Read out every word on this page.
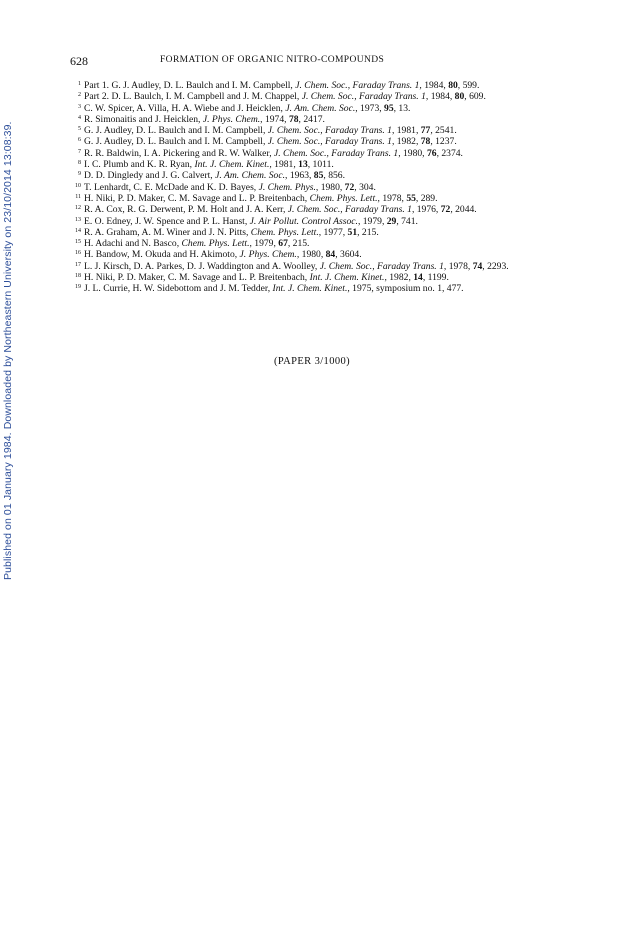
Published on 01 January 1984. Downloaded by Northeastern University on 23/10/2014 13:08:39.
628	FORMATION OF ORGANIC NITRO-COMPOUNDS
1 Part 1. G. J. Audley, D. L. Baulch and I. M. Campbell, J. Chem. Soc., Faraday Trans. 1, 1984, 80, 599.
2 Part 2. D. L. Baulch, I. M. Campbell and J. M. Chappel, J. Chem. Soc., Faraday Trans. 1, 1984, 80, 609.
3 C. W. Spicer, A. Villa, H. A. Wiebe and J. Heicklen, J. Am. Chem. Soc., 1973, 95, 13.
4 R. Simonaitis and J. Heicklen, J. Phys. Chem., 1974, 78, 2417.
5 G. J. Audley, D. L. Baulch and I. M. Campbell, J. Chem. Soc., Faraday Trans. 1, 1981, 77, 2541.
6 G. J. Audley, D. L. Baulch and I. M. Campbell, J. Chem. Soc., Faraday Trans. 1, 1982, 78, 1237.
7 R. R. Baldwin, I. A. Pickering and R. W. Walker, J. Chem. Soc., Faraday Trans. 1, 1980, 76, 2374.
8 I. C. Plumb and K. R. Ryan, Int. J. Chem. Kinet., 1981, 13, 1011.
9 D. D. Dingledy and J. G. Calvert, J. Am. Chem. Soc., 1963, 85, 856.
10 T. Lenhardt, C. E. McDade and K. D. Bayes, J. Chem. Phys., 1980, 72, 304.
11 H. Niki, P. D. Maker, C. M. Savage and L. P. Breitenbach, Chem. Phys. Lett., 1978, 55, 289.
12 R. A. Cox, R. G. Derwent, P. M. Holt and J. A. Kerr, J. Chem. Soc., Faraday Trans. 1, 1976, 72, 2044.
13 E. O. Edney, J. W. Spence and P. L. Hanst, J. Air Pollut. Control Assoc., 1979, 29, 741.
14 R. A. Graham, A. M. Winer and J. N. Pitts, Chem. Phys. Lett., 1977, 51, 215.
15 H. Adachi and N. Basco, Chem. Phys. Lett., 1979, 67, 215.
16 H. Bandow, M. Okuda and H. Akimoto, J. Phys. Chem., 1980, 84, 3604.
17 L. J. Kirsch, D. A. Parkes, D. J. Waddington and A. Woolley, J. Chem. Soc., Faraday Trans. 1, 1978, 74, 2293.
18 H. Niki, P. D. Maker, C. M. Savage and L. P. Breitenbach, Int. J. Chem. Kinet., 1982, 14, 1199.
19 J. L. Currie, H. W. Sidebottom and J. M. Tedder, Int. J. Chem. Kinet., 1975, symposium no. 1, 477.
(PAPER 3/1000)
